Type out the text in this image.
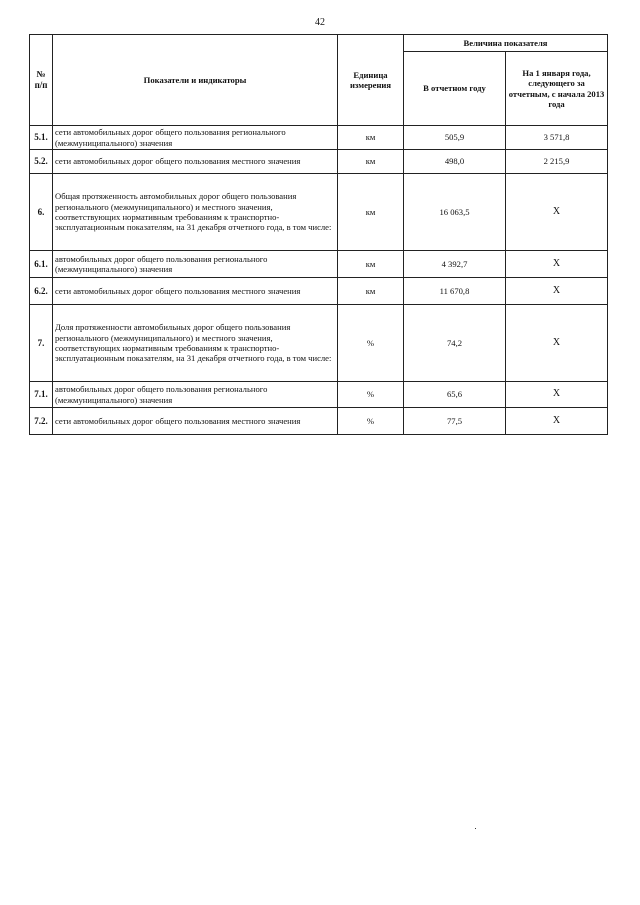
42
№ п/п	Показатели и индикаторы	Единица измерения	Величина показателя	
			В отчетном году	На 1 января года, следующего за отчетным, с начала 2013 года
5.1.	сети автомобильных дорог общего пользования регионального (межмуниципального) значения	км	505,9	3 571,8
5.2.	сети автомобильных дорог общего пользования местного значения	км	498,0	2 215,9
6.	Общая протяженность автомобильных дорог общего пользования регионального (межмуниципального) и местного значения, соответствующих нормативным требованиям к транспортно-эксплуатационным показателям, на 31 декабря отчетного года, в том числе:	км	16 063,5	X
6.1.	автомобильных дорог общего пользования регионального (межмуниципального) значения	км	4 392,7	X
6.2.	сети автомобильных дорог общего пользования местного значения	км	11 670,8	X
7.	Доля протяженности автомобильных дорог общего пользования регионального (межмуниципального) и местного значения, соответствующих нормативным требованиям к транспортно-эксплуатационным показателям, на 31 декабря отчетного года, в том числе:	%	74,2	X
7.1.	автомобильных дорог общего пользования регионального (межмуниципального) значения	%	65,6	X
7.2.	сети автомобильных дорог общего пользования местного значения	%	77,5	X
